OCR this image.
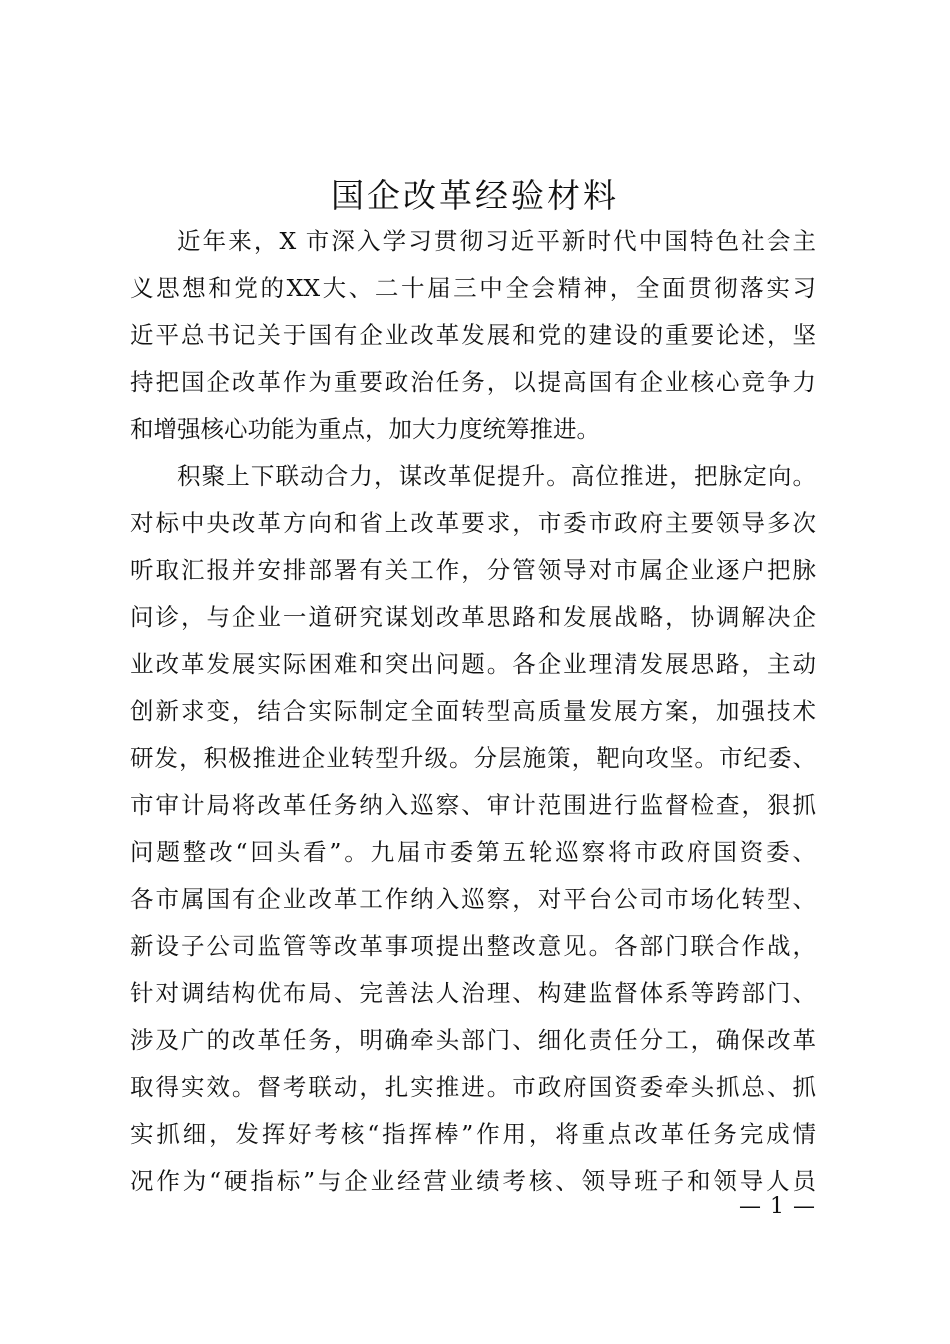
国企改革经验材料
近年来，X 市深入学习贯彻习近平新时代中国特色社会主
义思想和党的XX大、二十届三中全会精神，全面贯彻落实习
近平总书记关于国有企业改革发展和党的建设的重要论述，坚
持把国企改革作为重要政治任务，以提高国有企业核心竞争力
和增强核心功能为重点，加大力度统筹推进。
积聚上下联动合力，谋改革促提升。高位推进，把脉定向。
对标中央改革方向和省上改革要求，市委市政府主要领导多次
听取汇报并安排部署有关工作，分管领导对市属企业逐户把脉
问诊，与企业一道研究谋划改革思路和发展战略，协调解决企
业改革发展实际困难和突出问题。各企业理清发展思路，主动
创新求变，结合实际制定全面转型高质量发展方案，加强技术
研发，积极推进企业转型升级。分层施策，靶向攻坚。市纪委、
市审计局将改革任务纳入巡察、审计范围进行监督检查，狠抓
问题整改“回头看”。九届市委第五轮巡察将市政府国资委、
各市属国有企业改革工作纳入巡察，对平台公司市场化转型、
新设子公司监管等改革事项提出整改意见。各部门联合作战，
针对调结构优布局、完善法人治理、构建监督体系等跨部门、
涉及广的改革任务，明确牵头部门、细化责任分工，确保改革
取得实效。督考联动，扎实推进。市政府国资委牵头抓总、抓
实抓细，发挥好考核“指挥棒”作用，将重点改革任务完成情
况作为“硬指标”与企业经营业绩考核、领导班子和领导人员
— 1 —
